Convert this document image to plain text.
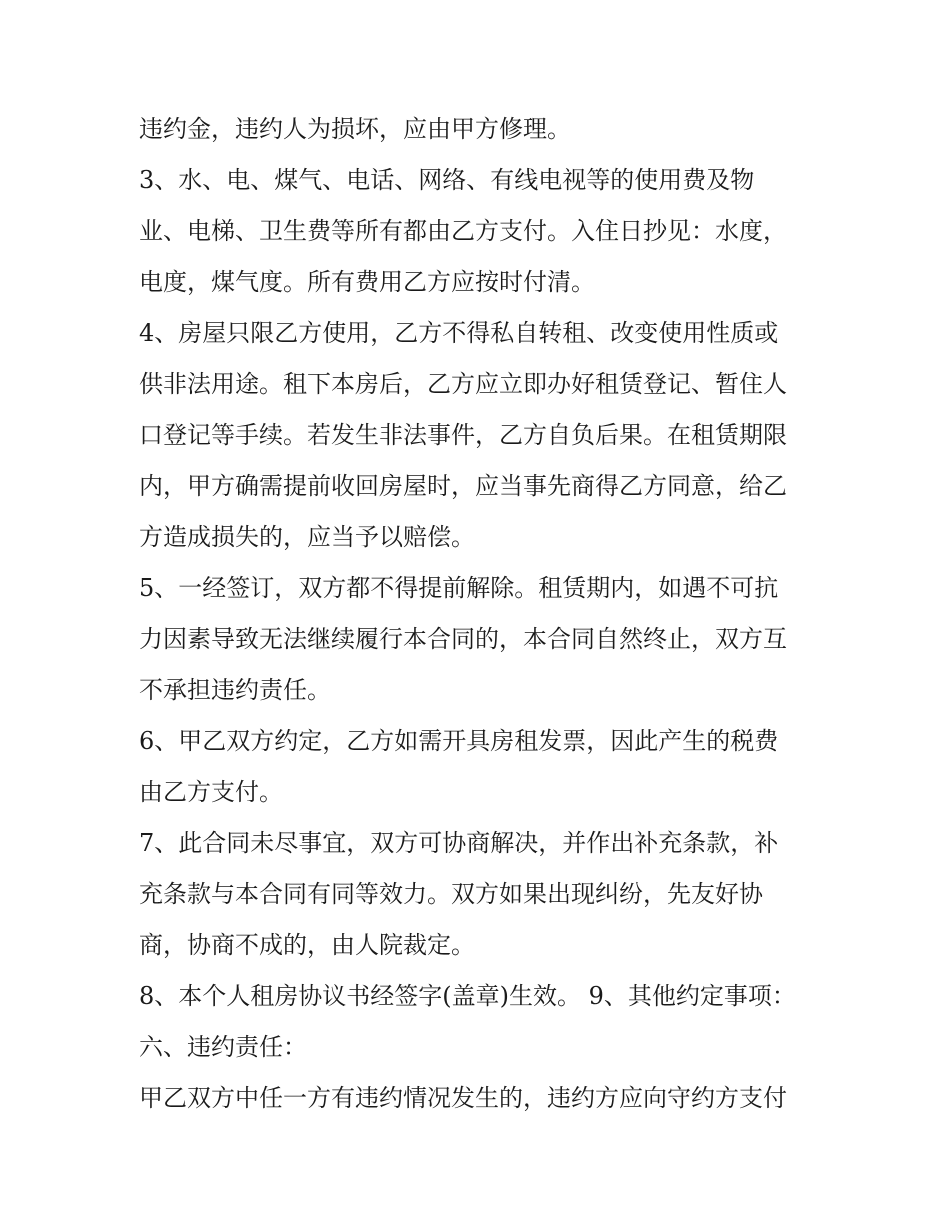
违约金，违约人为损坏，应由甲方修理。
3、水、电、煤气、电话、网络、有线电视等的使用费及物
业、电梯、卫生费等所有都由乙方支付。入住日抄见：水度，
电度，煤气度。所有费用乙方应按时付清。
4、房屋只限乙方使用，乙方不得私自转租、改变使用性质或
供非法用途。租下本房后，乙方应立即办好租赁登记、暂住人
口登记等手续。若发生非法事件，乙方自负后果。在租赁期限
内，甲方确需提前收回房屋时，应当事先商得乙方同意，给乙
方造成损失的，应当予以赔偿。
5、一经签订，双方都不得提前解除。租赁期内，如遇不可抗
力因素导致无法继续履行本合同的，本合同自然终止，双方互
不承担违约责任。
6、甲乙双方约定，乙方如需开具房租发票，因此产生的税费
由乙方支付。
7、此合同未尽事宜，双方可协商解决，并作出补充条款，补
充条款与本合同有同等效力。双方如果出现纠纷，先友好协
商，协商不成的，由人院裁定。
8、本个人租房协议书经签字(盖章)生效。 9、其他约定事项：
六、违约责任：
甲乙双方中任一方有违约情况发生的，违约方应向守约方支付
